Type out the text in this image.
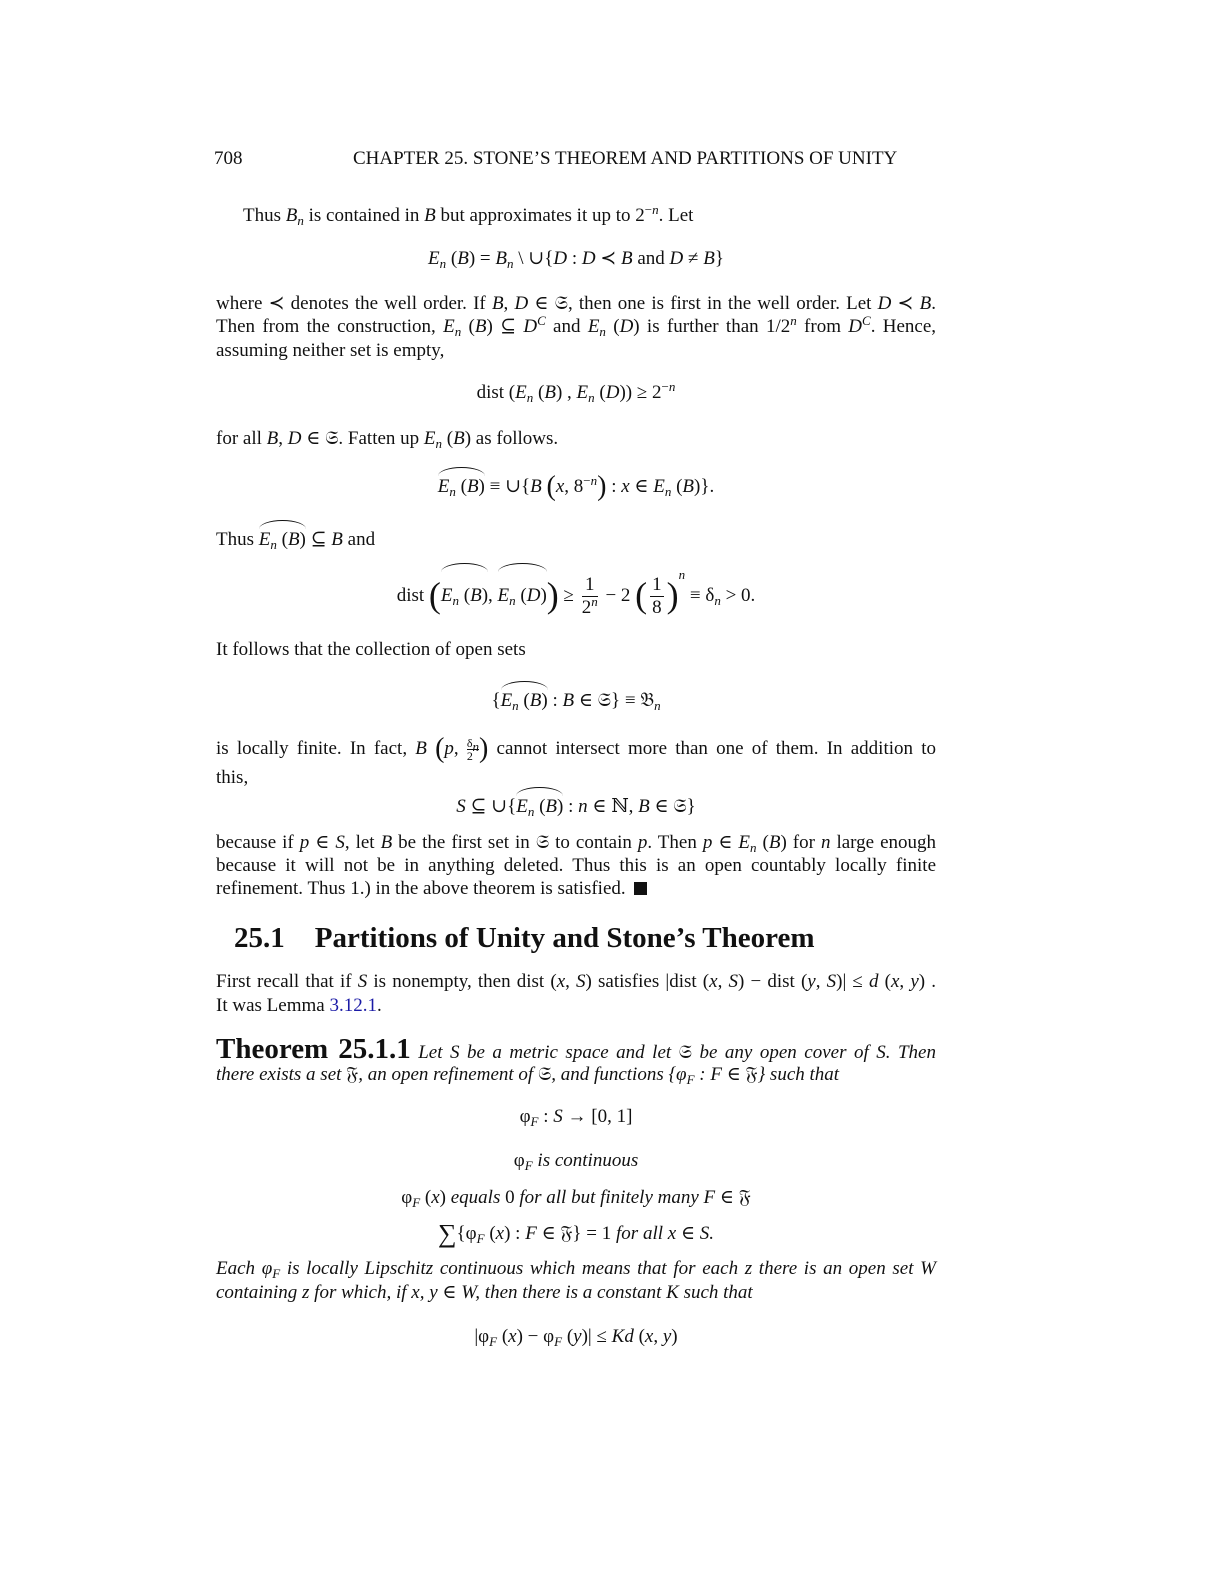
708	CHAPTER 25. STONE’S THEOREM AND PARTITIONS OF UNITY
Thus $B_n$ is contained in B but approximates it up to $2^{-n}$. Let
$E_n$ $(B) = B_n$ \ ∪{D : D ≺ B and D ≠ B}
where ≺ denotes the well order. If B, D ∈ 𝔖, then one is first in the well order. Let D ≺ B.
Then from the construction, $E_n$ (B) ⊆ $D^C$ and $E_n$ (D) is further than 1/2$^n$ from $D^C$. Hence,
assuming neither set is empty,
dist ($E_n$ (B) , $E_n$ $(D)) \ge 2^{-n}$
for all B, D ∈ 𝔖. Fatten up $E_n$ (B) as follows.
$E_n$ (B) ≡ ∪{B (x, $8^{-n}$) : x ∈ $E_n$ (B)}.
Thus $E_n$ (B) ⊆ B and
dist ($E_n$ (B), $E_n$ $(D)) \ge \frac{1}{2^n} - 2$ ( $\frac{1}{8} )^n \equiv \delta_n > 0$.
It follows that the collection of open sets
{$E_n$ (B) : B ∈ 𝔖} ≡ 𝔅$_n$
is locally finite. In fact, B (p, $\frac{\delta_n}{2}$ ) cannot intersect more than one of them. In addition to
this,
S ⊆ $\cup\{E_n$ (B) : n ∈ ℕ, B ∈ 𝔖}
because if p ∈ S, let B be the first set in 𝔖 to contain p. Then p ∈ $E_n$ (B) for n large enough
because it will not be in anything deleted. Thus this is an open countably locally finite
refinement. Thus 1.) in the above theorem is satisfied.
25.1 Partitions of Unity and Stone’s Theorem
First recall that if S is nonempty, then dist (x, S) satisfies |dist (x, S) − dist (y, S)| ≤ d (x, y) .
It was Lemma 3.12.1.
Theorem 25.1.1 Let S be a metric space and let 𝔖 be any open cover of S. Then
there exists a set 𝔉, an open refinement of 𝔖, and functions {$\varphi_F$ : F ∈ 𝔉} such that
$\varphi_F$ : S → [0, 1]
$\varphi_F$ is continuous
$\varphi_F$ (x) equals 0 for all but finitely many F ∈ 𝔉
$\sum\{\varphi_F$ (x) : F ∈ 𝔉} = 1 for all x ∈ S.
Each $\varphi_F$ is locally Lipschitz continuous which means that for each z there is an open set W
containing z for which, if x, y ∈ W, then there is a constant K such that
$|\varphi_F$ $(x) - \varphi_F$ (y)| ≤ Kd (x, y)
